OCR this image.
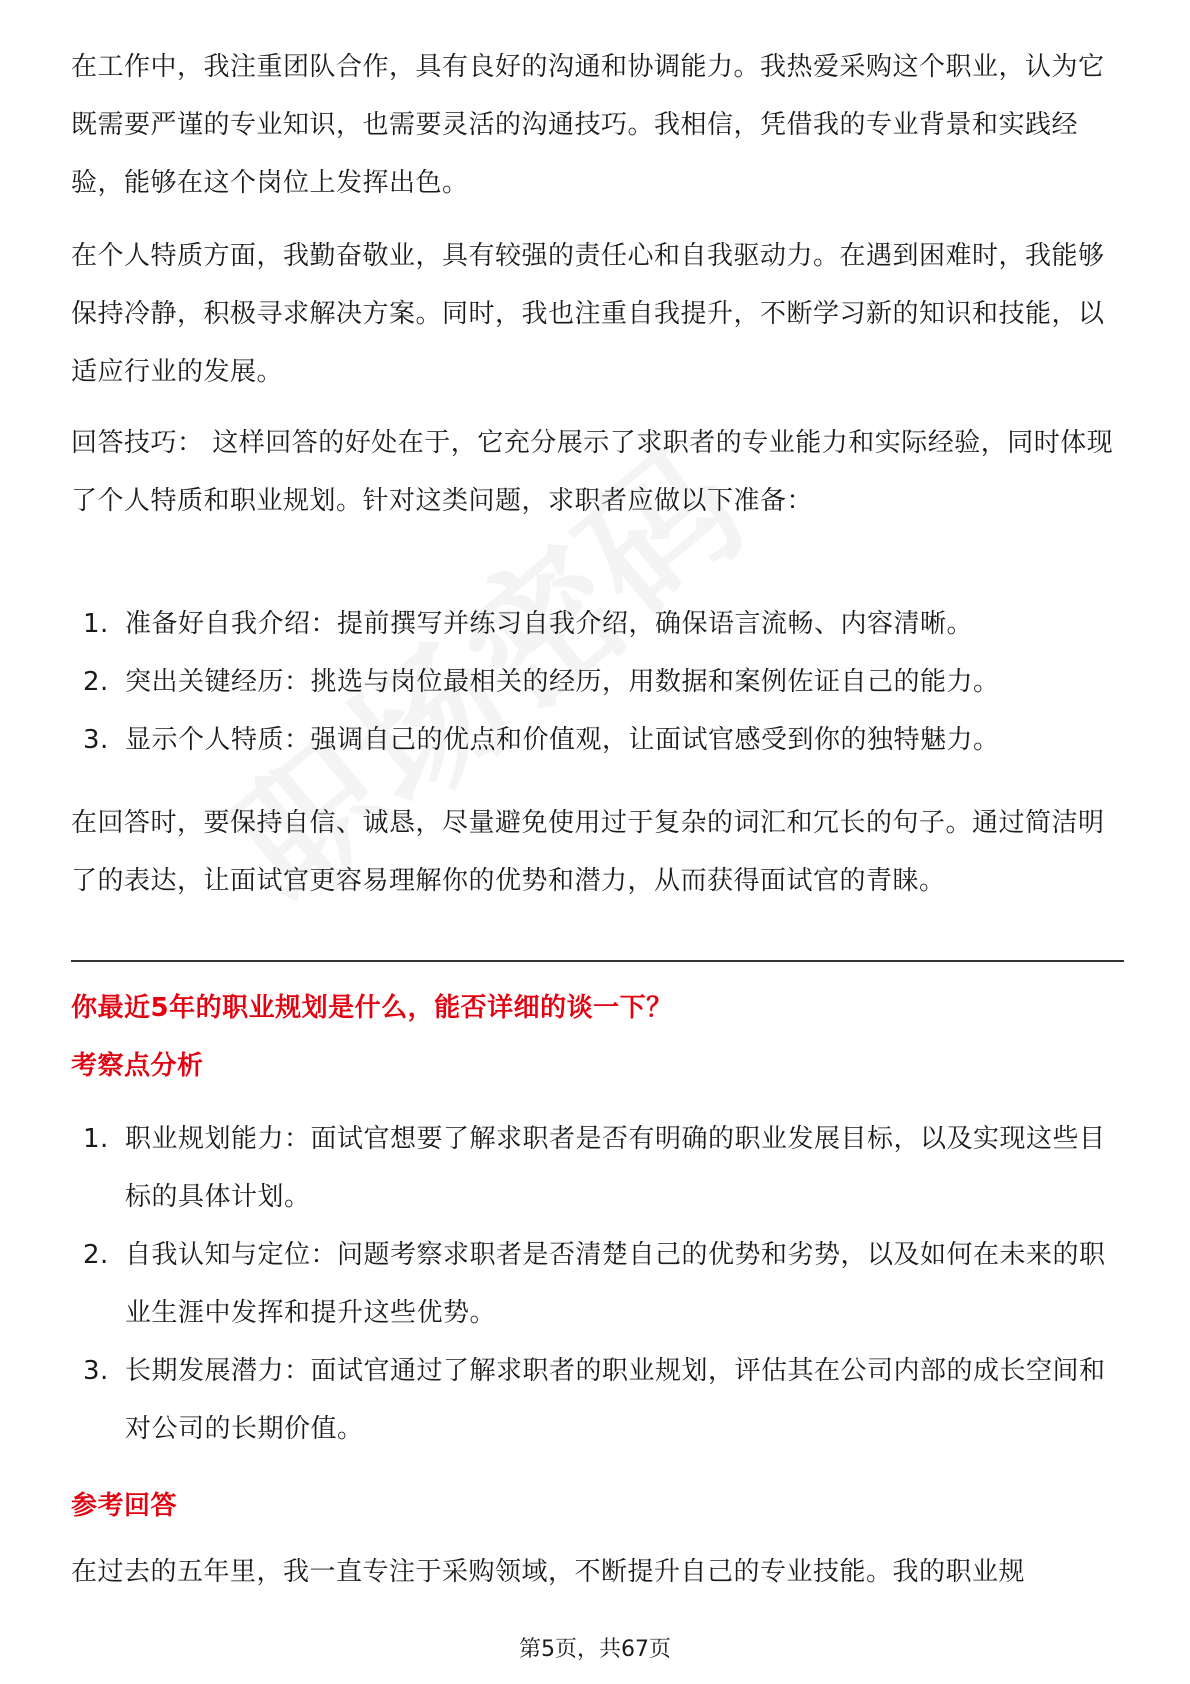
在工作中，我注重团队合作，具有良好的沟通和协调能力。我热爱采购这个职业，认为它既需要严谨的专业知识，也需要灵活的沟通技巧。我相信，凭借我的专业背景和实践经验，能够在这个岗位上发挥出色。

在个人特质方面，我勤奋敬业，具有较强的责任心和自我驱动力。在遇到困难时，我能够保持冷静，积极寻求解决方案。同时，我也注重自我提升，不断学习新的知识和技能，以适应行业的发展。

回答技巧： 这样回答的好处在于，它充分展示了求职者的专业能力和实际经验，同时体现了个人特质和职业规划。针对这类问题，求职者应做以下准备：

1. 准备好自我介绍：提前撰写并练习自我介绍，确保语言流畅、内容清晰。
2. 突出关键经历：挑选与岗位最相关的经历，用数据和案例佐证自己的能力。
3. 显示个人特质：强调自己的优点和价值观，让面试官感受到你的独特魅力。

在回答时，要保持自信、诚恳，尽量避免使用过于复杂的词汇和冗长的句子。通过简洁明了的表达，让面试官更容易理解你的优势和潜力，从而获得面试官的青睐。

你最近5年的职业规划是什么，能否详细的谈一下？
考察点分析
1. 职业规划能力：面试官想要了解求职者是否有明确的职业发展目标，以及实现这些目标的具体计划。
2. 自我认知与定位：问题考察求职者是否清楚自己的优势和劣势，以及如何在未来的职业生涯中发挥和提升这些优势。
3. 长期发展潜力：面试官通过了解求职者的职业规划，评估其在公司内部的成长空间和对公司的长期价值。
参考回答

在过去的五年里，我一直专注于采购领域，不断提升自己的专业技能。我的职业规

第5页，共67页
